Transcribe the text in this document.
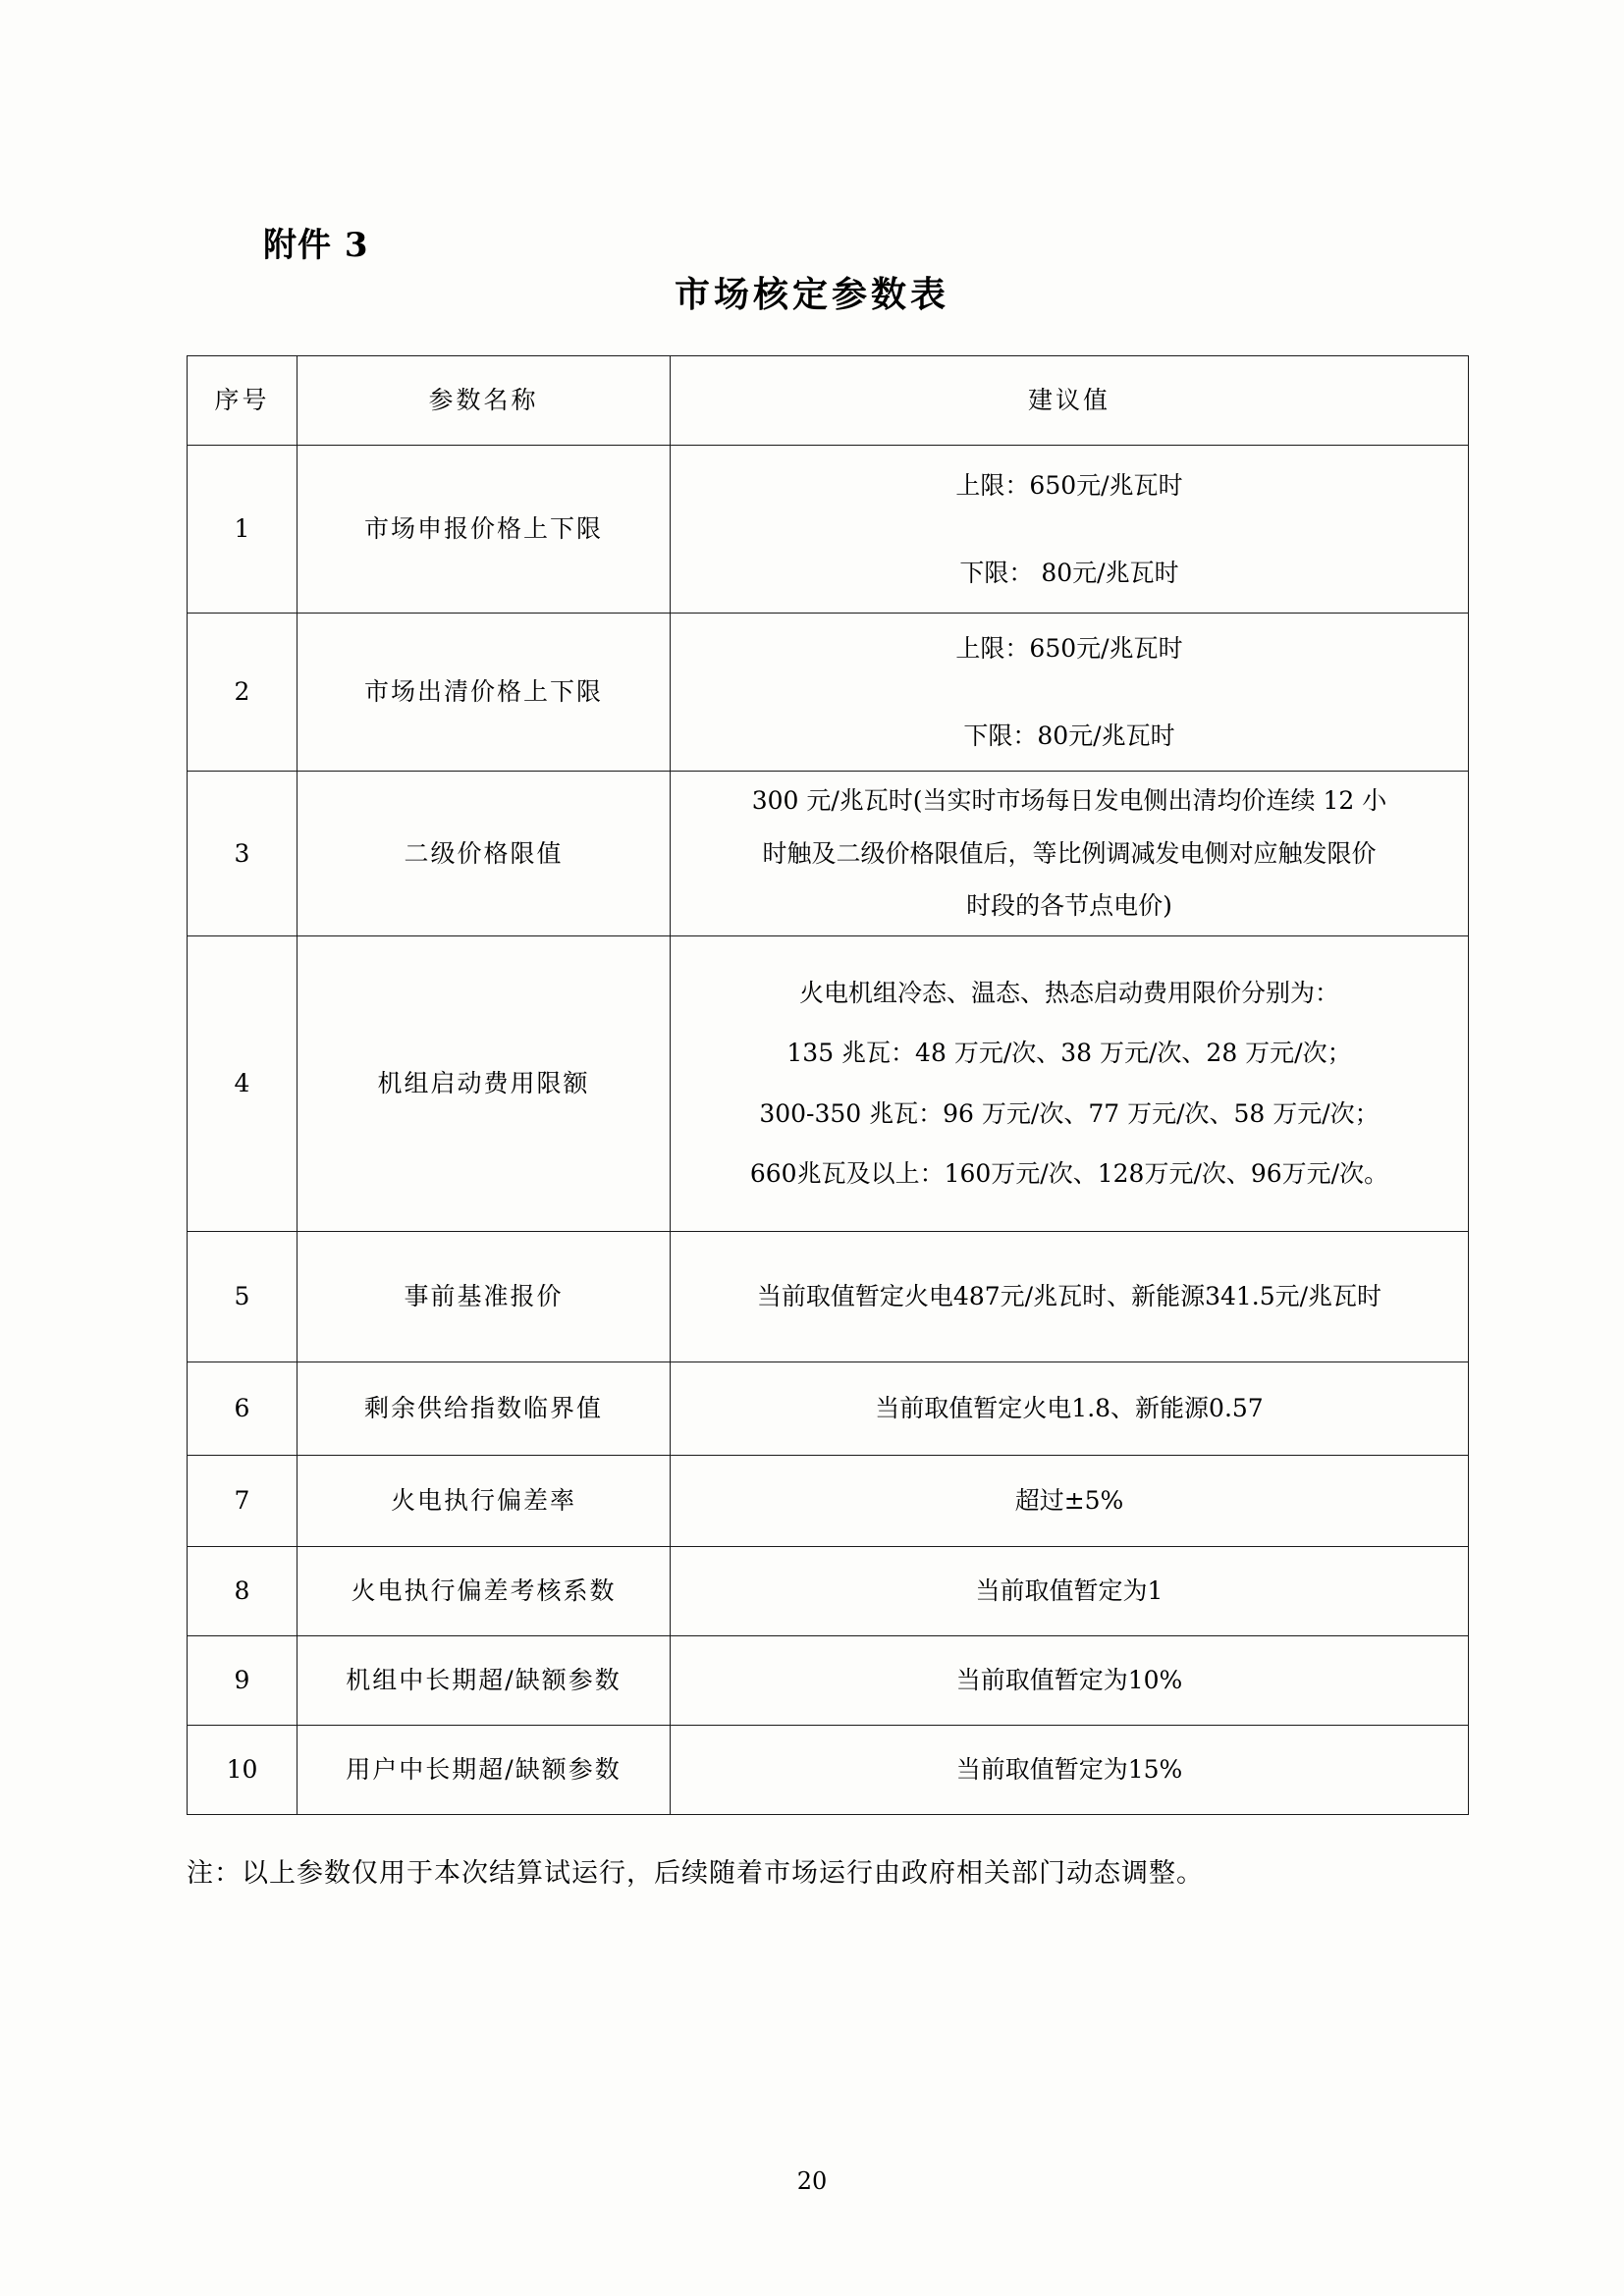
附件 3
市场核定参数表
序号	参数名称	建议值
1	市场申报价格上下限	上限：650元/兆瓦时
下限： 80元/兆瓦时

2	市场出清价格上下限	上限：650元/兆瓦时
下限：80元/兆瓦时

3	二级价格限值	300 元/兆瓦时(当实时市场每日发电侧出清均价连续 12 小
时触及二级价格限值后，等比例调减发电侧对应触发限价
时段的各节点电价)

4	机组启动费用限额	火电机组冷态、温态、热态启动费用限价分别为：
135 兆瓦：48 万元/次、38 万元/次、28 万元/次；
300-350 兆瓦：96 万元/次、77 万元/次、58 万元/次；
660兆瓦及以上：160万元/次、128万元/次、96万元/次。

5	事前基准报价	当前取值暂定火电487元/兆瓦时、新能源341.5元/兆瓦时

6	剩余供给指数临界值	当前取值暂定火电1.8、新能源0.57

7	火电执行偏差率	超过±5%

8	火电执行偏差考核系数	当前取值暂定为1

9	机组中长期超/缺额参数	当前取值暂定为10%

10	用户中长期超/缺额参数	当前取值暂定为15%
注：以上参数仅用于本次结算试运行，后续随着市场运行由政府相关部门动态调整。
20
